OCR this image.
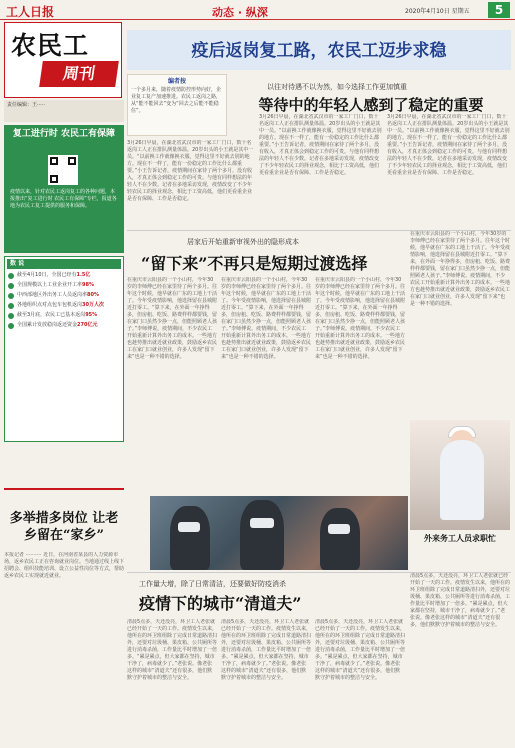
工人日报	动态 · 纵深	2020年4月10日 星期五	5
农民工
周刊
责任编辑：王·····
复工进行时 农民工有保障
疫情以来，针对农民工返岗复工的各种问题，本报推出“复工进行时 农民工有保障”专栏，报道各地为农民工复工提供的服务和保障。
数 说
截至4月10日，全国已经有1.5亿
全国规模以上工业企业开工率98%
中西部地区外出务工人员返岗率80%
各地组织点对点包车包机返岗30万人次
截至3月底，农民工已基本返岗95%
全国累计发放稳岗返还资金270亿元
疫后返岗复工路，农民工迈步求稳
编者按
一个多月来，随着疫情防控形势向好，企业复工复产加速推进。农民工返岗之路，从“能不能回去”变为“回去之后能不能稳住”。
以往对待遇不以为然，如今选择工作更加慎重
等待中的年轻人感到了稳定的重要
3月26日早晨，在湖北省武汉市的一家工厂门口，数十名返岗工人正在排队测量体温。20岁出头的小王就是其中一员。“以前换工作就像换衣服，觉得这里不好就去别的地方。现在不一样了，能有一份稳定的工作比什么都重要。”小王告诉记者，疫情期间在家待了两个多月，没有收入，才真正体会到稳定工作的可贵。与他有同样想法的年轻人不在少数。记者在多地采访发现，疫情改变了不少年轻农民工的择业观念，相比于工资高低，他们更看重企业是否有保障、工作是否稳定。
3月26日早晨，在湖北省武汉市的一家工厂门口，数十名返岗工人正在排队测量体温。20岁出头的小王就是其中一员。“以前换工作就像换衣服，觉得这里不好就去别的地方。现在不一样了，能有一份稳定的工作比什么都重要。”小王告诉记者，疫情期间在家待了两个多月，没有收入，才真正体会到稳定工作的可贵。与他有同样想法的年轻人不在少数。记者在多地采访发现，疫情改变了不少年轻农民工的择业观念，相比于工资高低，他们更看重企业是否有保障、工作是否稳定。
3月26日早晨，在湖北省武汉市的一家工厂门口，数十名返岗工人正在排队测量体温。20岁出头的小王就是其中一员。“以前换工作就像换衣服，觉得这里不好就去别的地方。现在不一样了，能有一份稳定的工作比什么都重要。”小王告诉记者，疫情期间在家待了两个多月，没有收入，才真正体会到稳定工作的可贵。与他有同样想法的年轻人不在少数。记者在多地采访发现，疫情改变了不少年轻农民工的择业观念，相比于工资高低，他们更看重企业是否有保障、工作是否稳定。
居家后开始重新审视外出的隐形成本
“留下来”不再只是短期过渡选择
在重庆市云阳县的一个小山村，今年30岁的李师傅已经在家里待了两个多月。往年这个时候，他早就在广东的工地上干活了。今年受疫情影响，他选择留在县城附近打零工。“算下来，在外面一年挣得多，但房租、吃饭、路费样样都要钱，留在家门口虽然少挣一点，但能照顾老人孩子。”李师傅说。疫情期间，不少农民工开始重新计算外出务工的成本。一些地方也趁势推出就近就业政策，鼓励返乡农民工在家门口就业创业，许多人发现“留下来”也是一种不错的选择。
在重庆市云阳县的一个小山村，今年30岁的李师傅已经在家里待了两个多月。往年这个时候，他早就在广东的工地上干活了。今年受疫情影响，他选择留在县城附近打零工。“算下来，在外面一年挣得多，但房租、吃饭、路费样样都要钱，留在家门口虽然少挣一点，但能照顾老人孩子。”李师傅说。疫情期间，不少农民工开始重新计算外出务工的成本。一些地方也趁势推出就近就业政策，鼓励返乡农民工在家门口就业创业，许多人发现“留下来”也是一种不错的选择。
在重庆市云阳县的一个小山村，今年30岁的李师傅已经在家里待了两个多月。往年这个时候，他早就在广东的工地上干活了。今年受疫情影响，他选择留在县城附近打零工。“算下来，在外面一年挣得多，但房租、吃饭、路费样样都要钱，留在家门口虽然少挣一点，但能照顾老人孩子。”李师傅说。疫情期间，不少农民工开始重新计算外出务工的成本。一些地方也趁势推出就近就业政策，鼓励返乡农民工在家门口就业创业，许多人发现“留下来”也是一种不错的选择。
在重庆市云阳县的一个小山村，今年30岁的李师傅已经在家里待了两个多月。往年这个时候，他早就在广东的工地上干活了。今年受疫情影响，他选择留在县城附近打零工。“算下来，在外面一年挣得多，但房租、吃饭、路费样样都要钱，留在家门口虽然少挣一点，但能照顾老人孩子。”李师傅说。疫情期间，不少农民工开始重新计算外出务工的成本。一些地方也趁势推出就近就业政策，鼓励返乡农民工在家门口就业创业，许多人发现“留下来”也是一种不错的选择。
外来务工人员求职忙
多举措多岗位 让老乡留在“家乡”
本报记者 ·········· 近日，在河南省某县的人力资源市场，返乡农民工正在咨询就业岗位。当地通过线上线下招聘会、组织技能培训、设立公益性岗位等方式，帮助返乡农民工实现就近就业。
工作量大增，除了日常清洁，还要做好防疫消杀
疫情下的城市“清道夫”
清晨5点多，天还没亮，环卫工人老张就已经开始了一天的工作。疫情发生以来，他所在的环卫班组除了完成日常道路清扫外，还要对垃圾桶、果皮箱、公共厕所等进行消毒杀菌，工作量比平时增加了一倍多。“累是累点，但大家都在坚持，城市干净了，病毒就少了。”老张说。像老张这样的城市“清道夫”还有很多，他们默默守护着城市的整洁与安全。
清晨5点多，天还没亮，环卫工人老张就已经开始了一天的工作。疫情发生以来，他所在的环卫班组除了完成日常道路清扫外，还要对垃圾桶、果皮箱、公共厕所等进行消毒杀菌，工作量比平时增加了一倍多。“累是累点，但大家都在坚持，城市干净了，病毒就少了。”老张说。像老张这样的城市“清道夫”还有很多，他们默默守护着城市的整洁与安全。
清晨5点多，天还没亮，环卫工人老张就已经开始了一天的工作。疫情发生以来，他所在的环卫班组除了完成日常道路清扫外，还要对垃圾桶、果皮箱、公共厕所等进行消毒杀菌，工作量比平时增加了一倍多。“累是累点，但大家都在坚持，城市干净了，病毒就少了。”老张说。像老张这样的城市“清道夫”还有很多，他们默默守护着城市的整洁与安全。
清晨5点多，天还没亮，环卫工人老张就已经开始了一天的工作。疫情发生以来，他所在的环卫班组除了完成日常道路清扫外，还要对垃圾桶、果皮箱、公共厕所等进行消毒杀菌，工作量比平时增加了一倍多。“累是累点，但大家都在坚持，城市干净了，病毒就少了。”老张说。像老张这样的城市“清道夫”还有很多，他们默默守护着城市的整洁与安全。
